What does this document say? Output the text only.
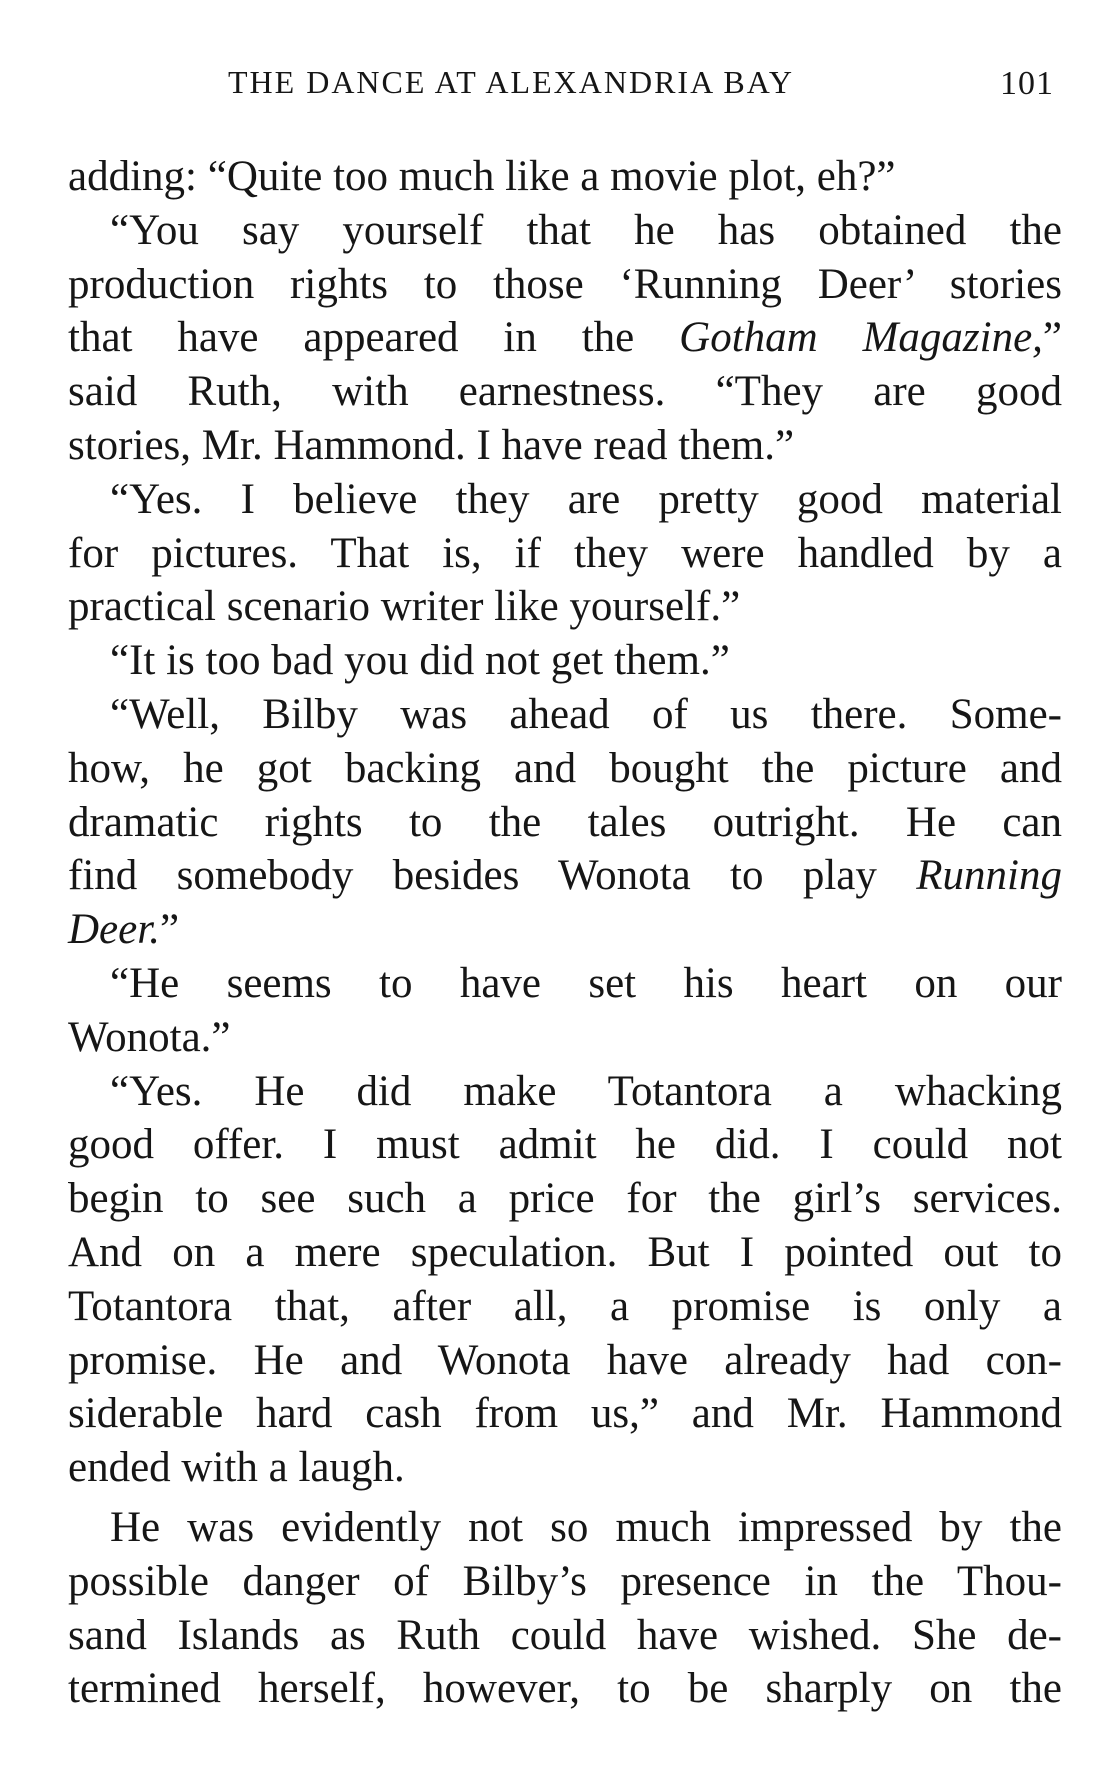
THE DANCE AT ALEXANDRIA BAY	101
adding: “Quite too much like a movie plot, eh?”
“You say yourself that he has obtained the
production rights to those ‘Running Deer’ stories
that have appeared in the Gotham Magazine,”
said Ruth, with earnestness. “They are good
stories, Mr. Hammond. I have read them.”
“Yes. I believe they are pretty good material
for pictures. That is, if they were handled by a
practical scenario writer like yourself.”
“It is too bad you did not get them.”
“Well, Bilby was ahead of us there. Some-
how, he got backing and bought the picture and
dramatic rights to the tales outright. He can
find somebody besides Wonota to play Running
Deer.”
“He seems to have set his heart on our
Wonota.”
“Yes. He did make Totantora a whacking
good offer. I must admit he did. I could not
begin to see such a price for the girl’s services.
And on a mere speculation. But I pointed out to
Totantora that, after all, a promise is only a
promise. He and Wonota have already had con-
siderable hard cash from us,” and Mr. Hammond
ended with a laugh.
He was evidently not so much impressed by the
possible danger of Bilby’s presence in the Thou-
sand Islands as Ruth could have wished. She de-
termined herself, however, to be sharply on the
